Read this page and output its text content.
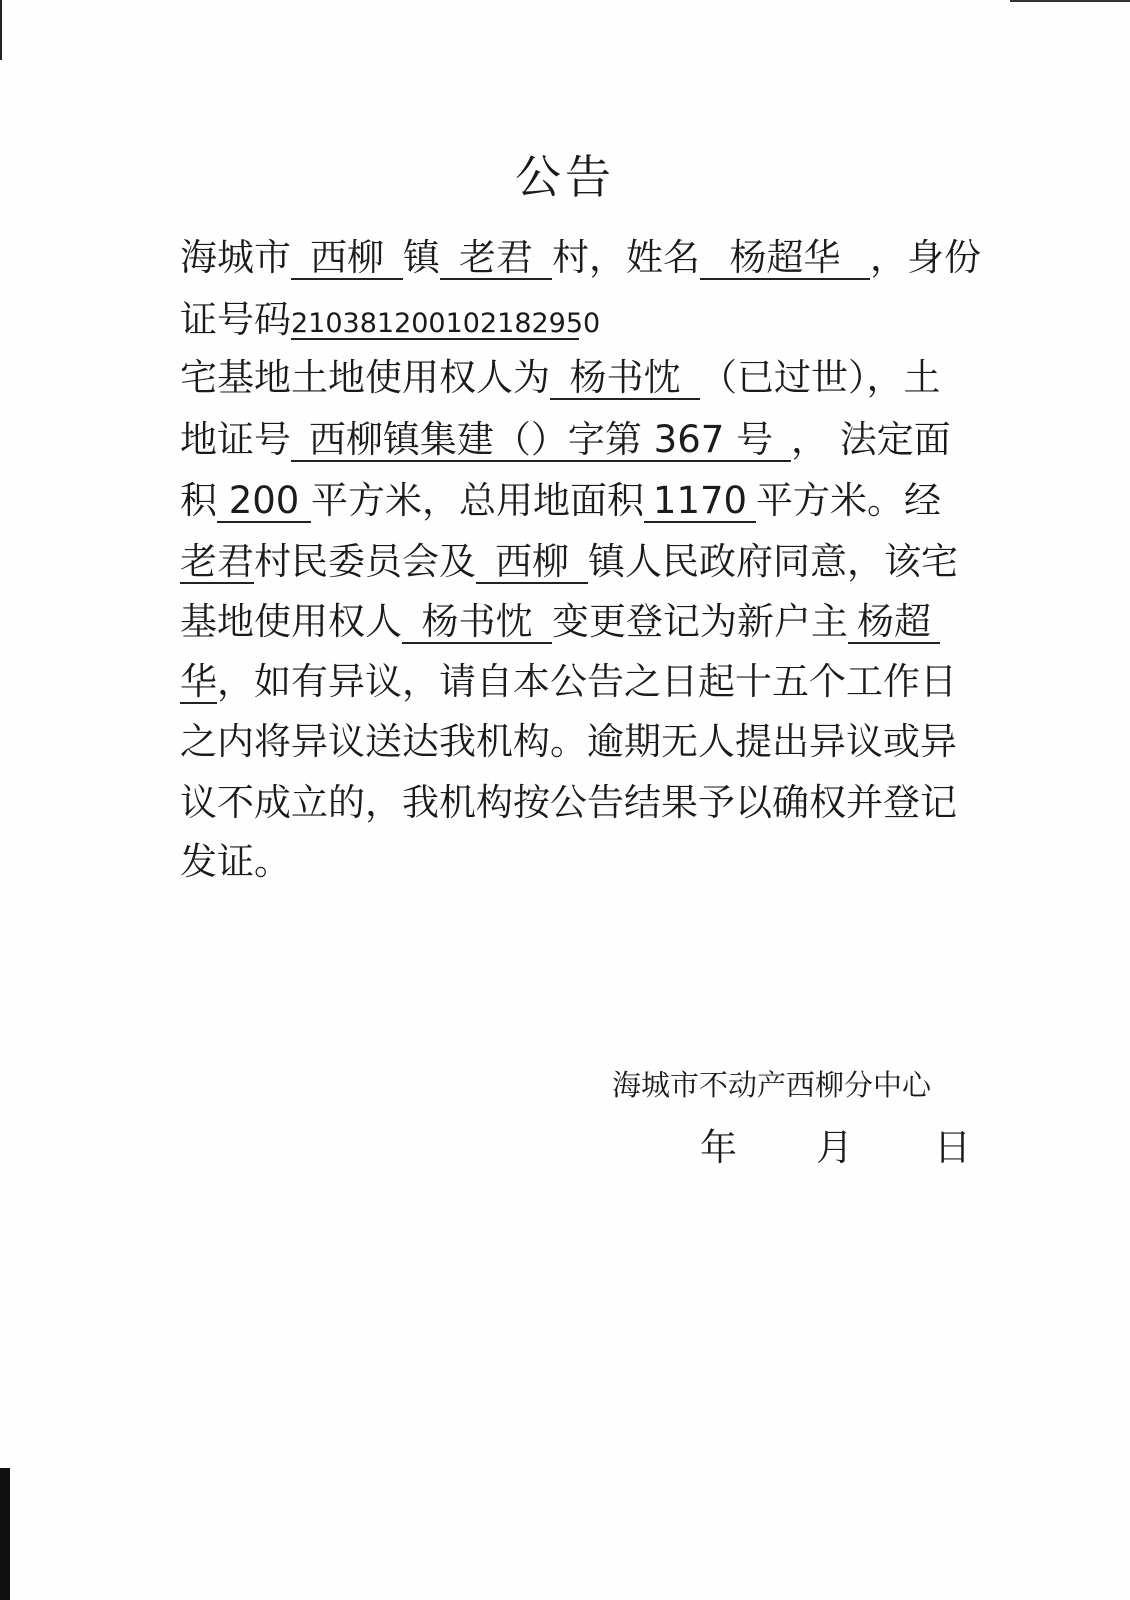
公告
海城市 西柳 镇 老君 村，姓名 杨超华 ，身份
证号码210381200102182950
宅基地土地使用权人为 杨书忱 （已过世），土
地证号 西柳镇集建（）字第 367 号 ， 法定面
积 200 平方米，总用地面积 1170 平方米。经
老君村民委员会及 西柳 镇人民政府同意，该宅
基地使用权人 杨书忱 变更登记为新户主 杨超
华，如有异议，请自本公告之日起十五个工作日
之内将异议送达我机构。逾期无人提出异议或异
议不成立的，我机构按公告结果予以确权并登记
发证。
海城市不动产西柳分中心
年 月 日
